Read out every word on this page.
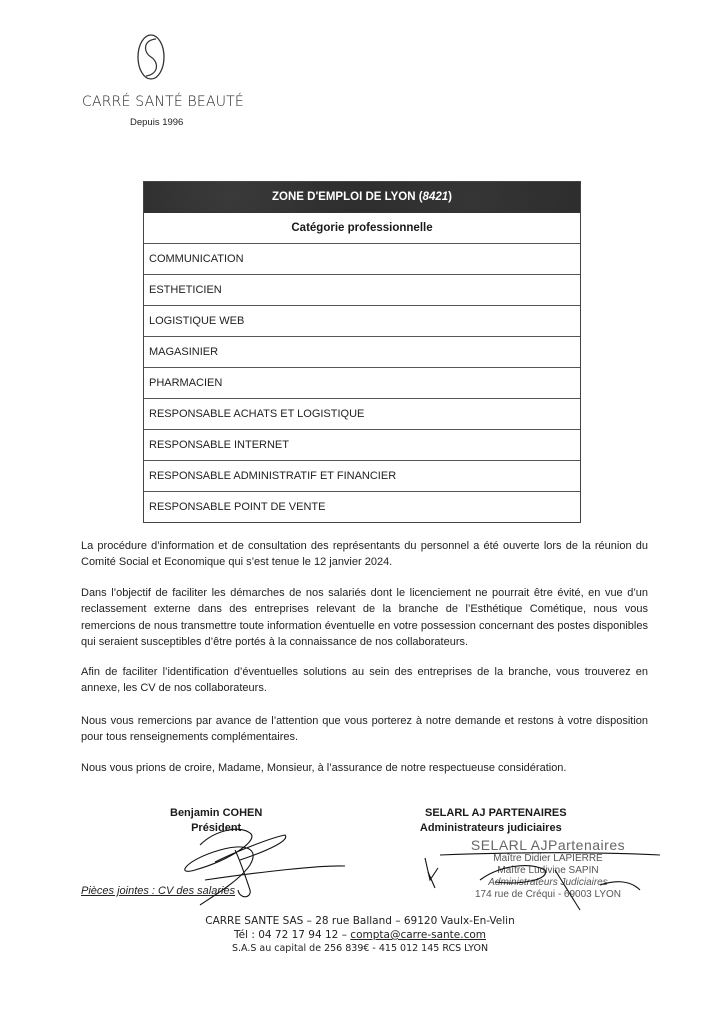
CARRÉ SANTÉ BEAUTÉ
Depuis 1996
ZONE D'EMPLOI DE LYON (8421)
Catégorie professionnelle
COMMUNICATION
ESTHETICIEN
LOGISTIQUE WEB
MAGASINIER
PHARMACIEN
RESPONSABLE ACHATS ET LOGISTIQUE
RESPONSABLE INTERNET
RESPONSABLE ADMINISTRATIF ET FINANCIER
RESPONSABLE POINT DE VENTE
La procédure d’information et de consultation des représentants du personnel a été ouverte lors de la réunion du Comité Social et Economique qui s’est tenue le 12 janvier 2024.
Dans l’objectif de faciliter les démarches de nos salariés dont le licenciement ne pourrait être évité, en vue d’un reclassement externe dans des entreprises relevant de la branche de l’Esthétique Cométique, nous vous remercions de nous transmettre toute information éventuelle en votre possession concernant des postes disponibles qui seraient susceptibles d’être portés à la connaissance de nos collaborateurs.
Afin de faciliter l’identification d’éventuelles solutions au sein des entreprises de la branche, vous trouverez en annexe, les CV de nos collaborateurs.
Nous vous remercions par avance de l’attention que vous porterez à notre demande et restons à votre disposition pour tous renseignements complémentaires.
Nous vous prions de croire, Madame, Monsieur, à l’assurance de notre respectueuse considération.
Benjamin COHEN
Président
SELARL AJ PARTENAIRES
Administrateurs judiciaires
SELARL AJPartenaires
Maître Didier LAPIERRE
Maître Ludivine SAPIN
Administrateurs Judiciaires
174 rue de Créqui - 69003 LYON
Pièces jointes : CV des salariés
CARRE SANTE SAS – 28 rue Balland – 69120 Vaulx-En-Velin
Tél : 04 72 17 94 12 – compta@carre-sante.com
S.A.S au capital de 256 839€ - 415 012 145 RCS LYON
